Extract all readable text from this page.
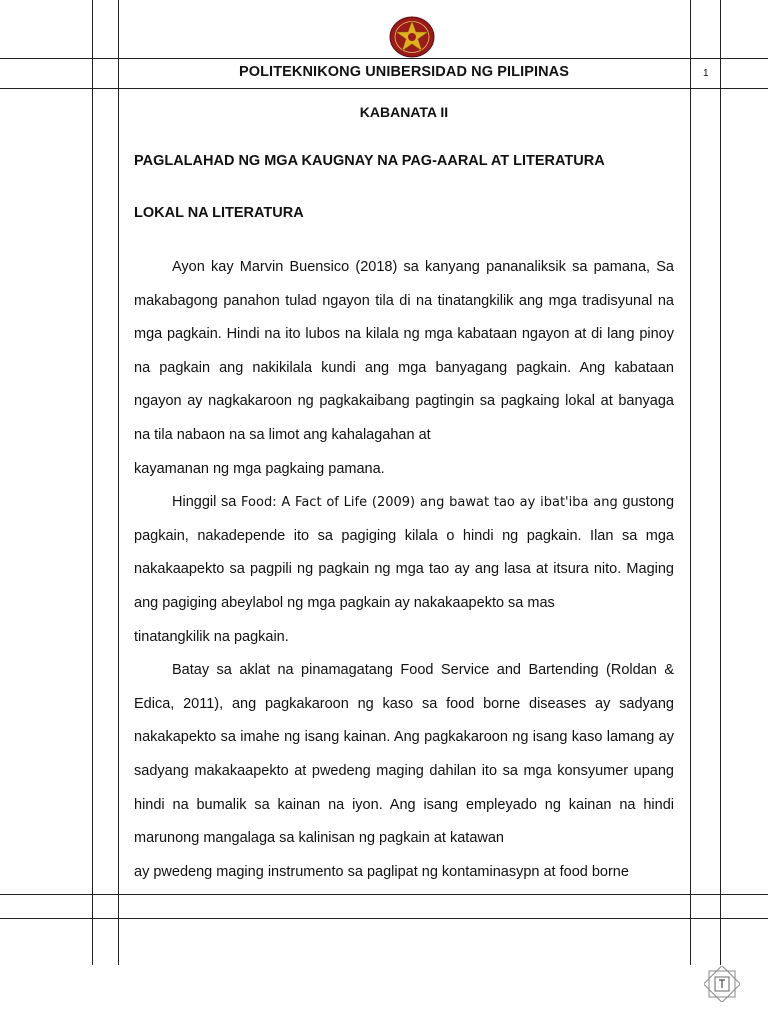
POLITEKNIKONG UNIBERSIDAD NG PILIPINAS	1
KABANATA II
PAGLALAHAD NG MGA KAUGNAY NA PAG-AARAL AT LITERATURA
LOKAL NA LITERATURA

Ayon kay Marvin Buensico (2018) sa kanyang pananaliksik sa pamana, Sa makabagong panahon tulad ngayon tila di na tinatangkilik ang mga tradisyunal na mga pagkain. Hindi na ito lubos na kilala ng mga kabataan ngayon at di lang pinoy na pagkain ang nakikilala kundi ang mga banyagang pagkain. Ang kabataan ngayon ay nagkakaroon ng pagkakaibang pagtingin sa pagkaing lokal at banyaga na tila nabaon na sa limot ang kahalagahan at

kayamanan ng mga pagkaing pamana.

Hinggil sa Food: A Fact of Life (2009) ang bawat tao ay ibat'iba ang gustong pagkain, nakadepende ito sa pagiging kilala o hindi ng pagkain. Ilan sa mga nakakaapekto sa pagpili ng pagkain ng mga tao ay ang lasa at itsura nito. Maging ang pagiging abeylabol ng mga pagkain ay nakakaapekto sa mas

tinatangkilik na pagkain.

Batay sa aklat na pinamagatang Food Service and Bartending (Roldan & Edica, 2011), ang pagkakaroon ng kaso sa food borne diseases ay sadyang nakakapekto sa imahe ng isang kainan. Ang pagkakaroon ng isang kaso lamang ay sadyang makakaapekto at pwedeng maging dahilan ito sa mga konsyumer upang hindi na bumalik sa kainan na iyon. Ang isang empleyado ng kainan na hindi marunong mangalaga sa kalinisan ng pagkain at katawan

ay pwedeng maging instrumento sa paglipat ng kontaminasypn at food borne
